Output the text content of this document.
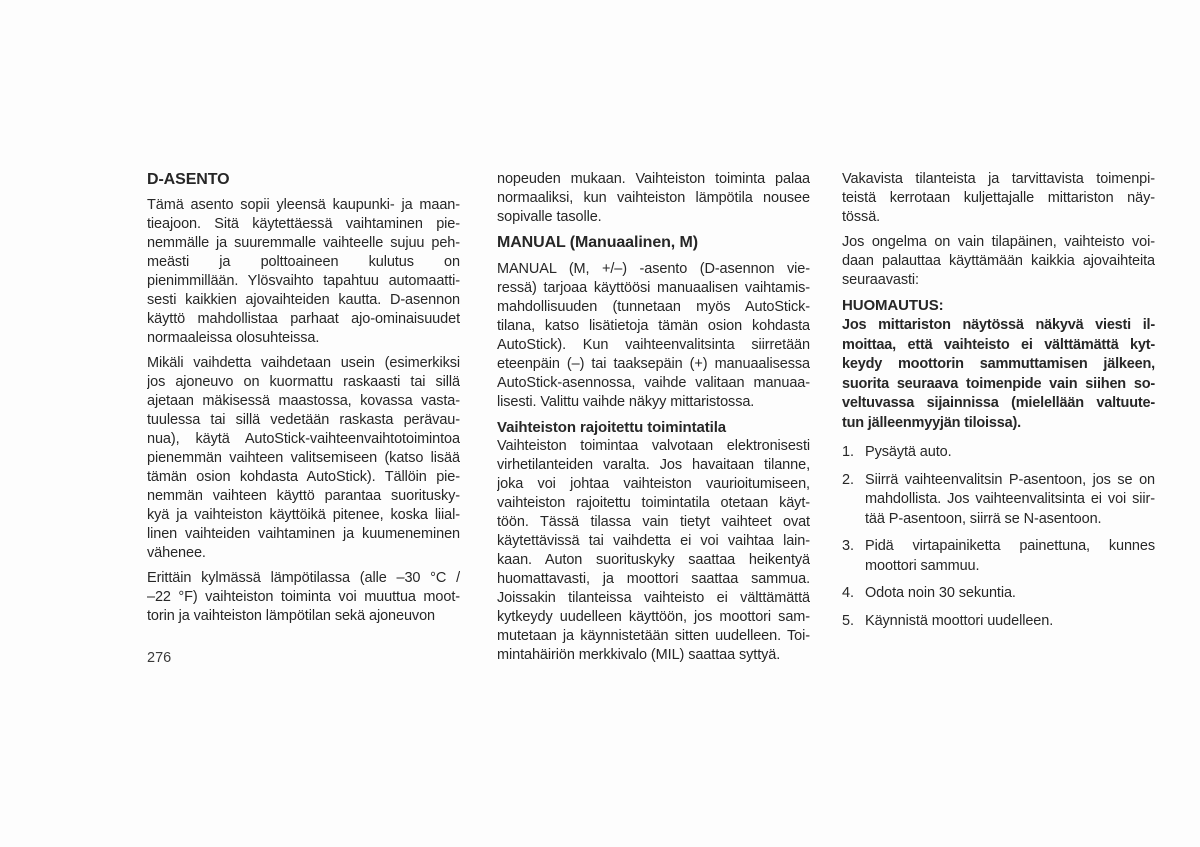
D-ASENTO
Tämä asento sopii yleensä kaupunki- ja maan-
tieajoon. Sitä käytettäessä vaihtaminen pie-
nemmälle ja suuremmalle vaihteelle sujuu peh-
meästi ja polttoaineen kulutus on
pienimmillään. Ylösvaihto tapahtuu automaatti-
sesti kaikkien ajovaihteiden kautta. D-asennon
käyttö mahdollistaa parhaat ajo-ominaisuudet
normaaleissa olosuhteissa.
Mikäli vaihdetta vaihdetaan usein (esimerkiksi
jos ajoneuvo on kuormattu raskaasti tai sillä
ajetaan mäkisessä maastossa, kovassa vasta-
tuulessa tai sillä vedetään raskasta perävau-
nua), käytä AutoStick-vaihteenvaihtotoimintoa
pienemmän vaihteen valitsemiseen (katso lisää
tämän osion kohdasta AutoStick). Tällöin pie-
nemmän vaihteen käyttö parantaa suoritusky-
kyä ja vaihteiston käyttöikä pitenee, koska liial-
linen vaihteiden vaihtaminen ja kuumeneminen
vähenee.
Erittäin kylmässä lämpötilassa (alle –30 °C /
–22 °F) vaihteiston toiminta voi muuttua moot-
torin ja vaihteiston lämpötilan sekä ajoneuvon
nopeuden mukaan. Vaihteiston toiminta palaa
normaaliksi, kun vaihteiston lämpötila nousee
sopivalle tasolle.
MANUAL (Manuaalinen, M)
MANUAL (M, +/–) -asento (D-asennon vie-
ressä) tarjoaa käyttöösi manuaalisen vaihtamis-
mahdollisuuden (tunnetaan myös AutoStick-
tilana, katso lisätietoja tämän osion kohdasta
AutoStick). Kun vaihteenvalitsinta siirretään
eteenpäin (–) tai taaksepäin (+) manuaalisessa
AutoStick-asennossa, vaihde valitaan manuaa-
lisesti. Valittu vaihde näkyy mittaristossa.
Vaihteiston rajoitettu toimintatila
Vaihteiston toimintaa valvotaan elektronisesti
virhetilanteiden varalta. Jos havaitaan tilanne,
joka voi johtaa vaihteiston vaurioitumiseen,
vaihteiston rajoitettu toimintatila otetaan käyt-
töön. Tässä tilassa vain tietyt vaihteet ovat
käytettävissä tai vaihdetta ei voi vaihtaa lain-
kaan. Auton suorituskyky saattaa heikentyä
huomattavasti, ja moottori saattaa sammua.
Joissakin tilanteissa vaihteisto ei välttämättä
kytkeydy uudelleen käyttöön, jos moottori sam-
mutetaan ja käynnistetään sitten uudelleen. Toi-
mintahäiriön merkkivalo (MIL) saattaa syttyä.
Vakavista tilanteista ja tarvittavista toimenpi-
teistä kerrotaan kuljettajalle mittariston näy-
tössä.
Jos ongelma on vain tilapäinen, vaihteisto voi-
daan palauttaa käyttämään kaikkia ajovaihteita
seuraavasti:
HUOMAUTUS:
Jos mittariston näytössä näkyvä viesti il-
moittaa, että vaihteisto ei välttämättä kyt-
keydy moottorin sammuttamisen jälkeen,
suorita seuraava toimenpide vain siihen so-
veltuvassa sijainnissa (mielellään valtuute-
tun jälleenmyyjän tiloissa).
1. Pysäytä auto.
2. Siirrä vaihteenvalitsin P-asentoon, jos se on
mahdollista. Jos vaihteenvalitsinta ei voi siir-
tää P-asentoon, siirrä se N-asentoon.
3. Pidä virtapainiketta painettuna, kunnes
moottori sammuu.
4. Odota noin 30 sekuntia.
5. Käynnistä moottori uudelleen.
276
